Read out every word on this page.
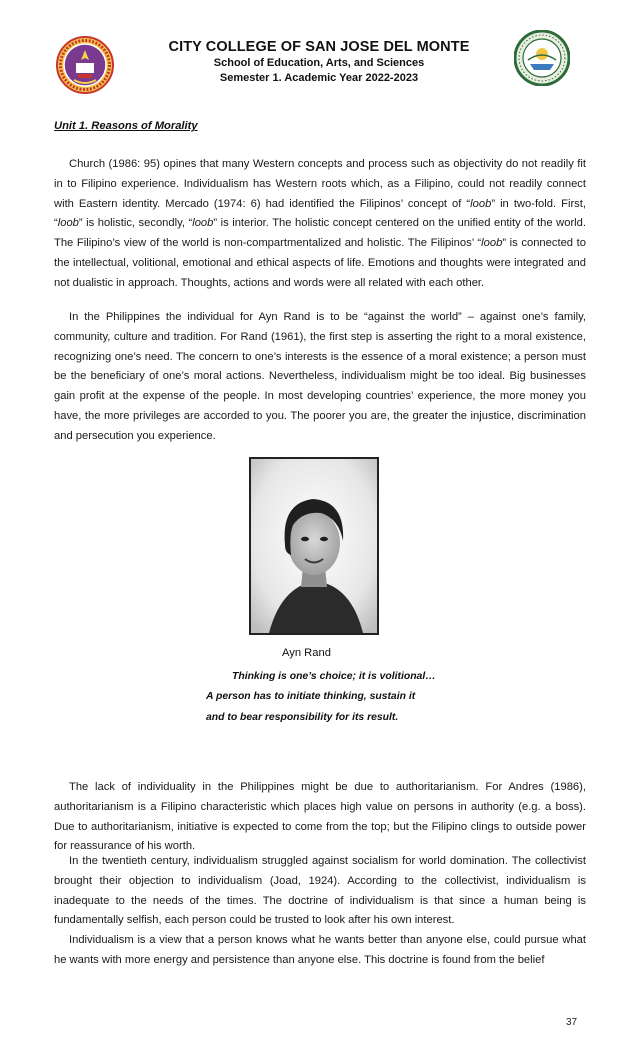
CITY COLLEGE OF SAN JOSE DEL MONTE
School of Education, Arts, and Sciences
Semester 1. Academic Year 2022-2023
Unit 1. Reasons of Morality

Church (1986: 95) opines that many Western concepts and process such as objectivity do not readily fit in to Filipino experience. Individualism has Western roots which, as a Filipino, could not readily connect with Eastern identity. Mercado (1974: 6) had identified the Filipinos’ concept of “loob” in two-fold. First, “loob” is holistic, secondly, “loob” is interior. The holistic concept centered on the unified entity of the world. The Filipino’s view of the world is non-compartmentalized and holistic. The Filipinos’ “loob” is connected to the intellectual, volitional, emotional and ethical aspects of life. Emotions and thoughts were integrated and not dualistic in approach. Thoughts, actions and words were all related with each other.

In the Philippines the individual for Ayn Rand is to be “against the world” – against one’s family, community, culture and tradition. For Rand (1961), the first step is asserting the right to a moral existence, recognizing one’s need. The concern to one’s interests is the essence of a moral existence; a person must be the beneficiary of one’s moral actions. Nevertheless, individualism might be too ideal. Big businesses gain profit at the expense of the people. In most developing countries’ experience, the more money you have, the more privileges are accorded to you. The poorer you are, the greater the injustice, discrimination and persecution you experience.

Ayn Rand
Thinking is one’s choice; it is volitional…
A person has to initiate thinking, sustain it
and to bear responsibility for its result.

The lack of individuality in the Philippines might be due to authoritarianism. For Andres (1986), authoritarianism is a Filipino characteristic which places high value on persons in authority (e.g. a boss). Due to authoritarianism, initiative is expected to come from the top; but the Filipino clings to outside power for reassurance of his worth.

In the twentieth century, individualism struggled against socialism for world domination. The collectivist brought their objection to individualism (Joad, 1924). According to the collectivist, individualism is inadequate to the needs of the times. The doctrine of individualism is that since a human being is fundamentally selfish, each person could be trusted to look after his own interest.

Individualism is a view that a person knows what he wants better than anyone else, could pursue what he wants with more energy and persistence than anyone else. This doctrine is found from the belief

37
